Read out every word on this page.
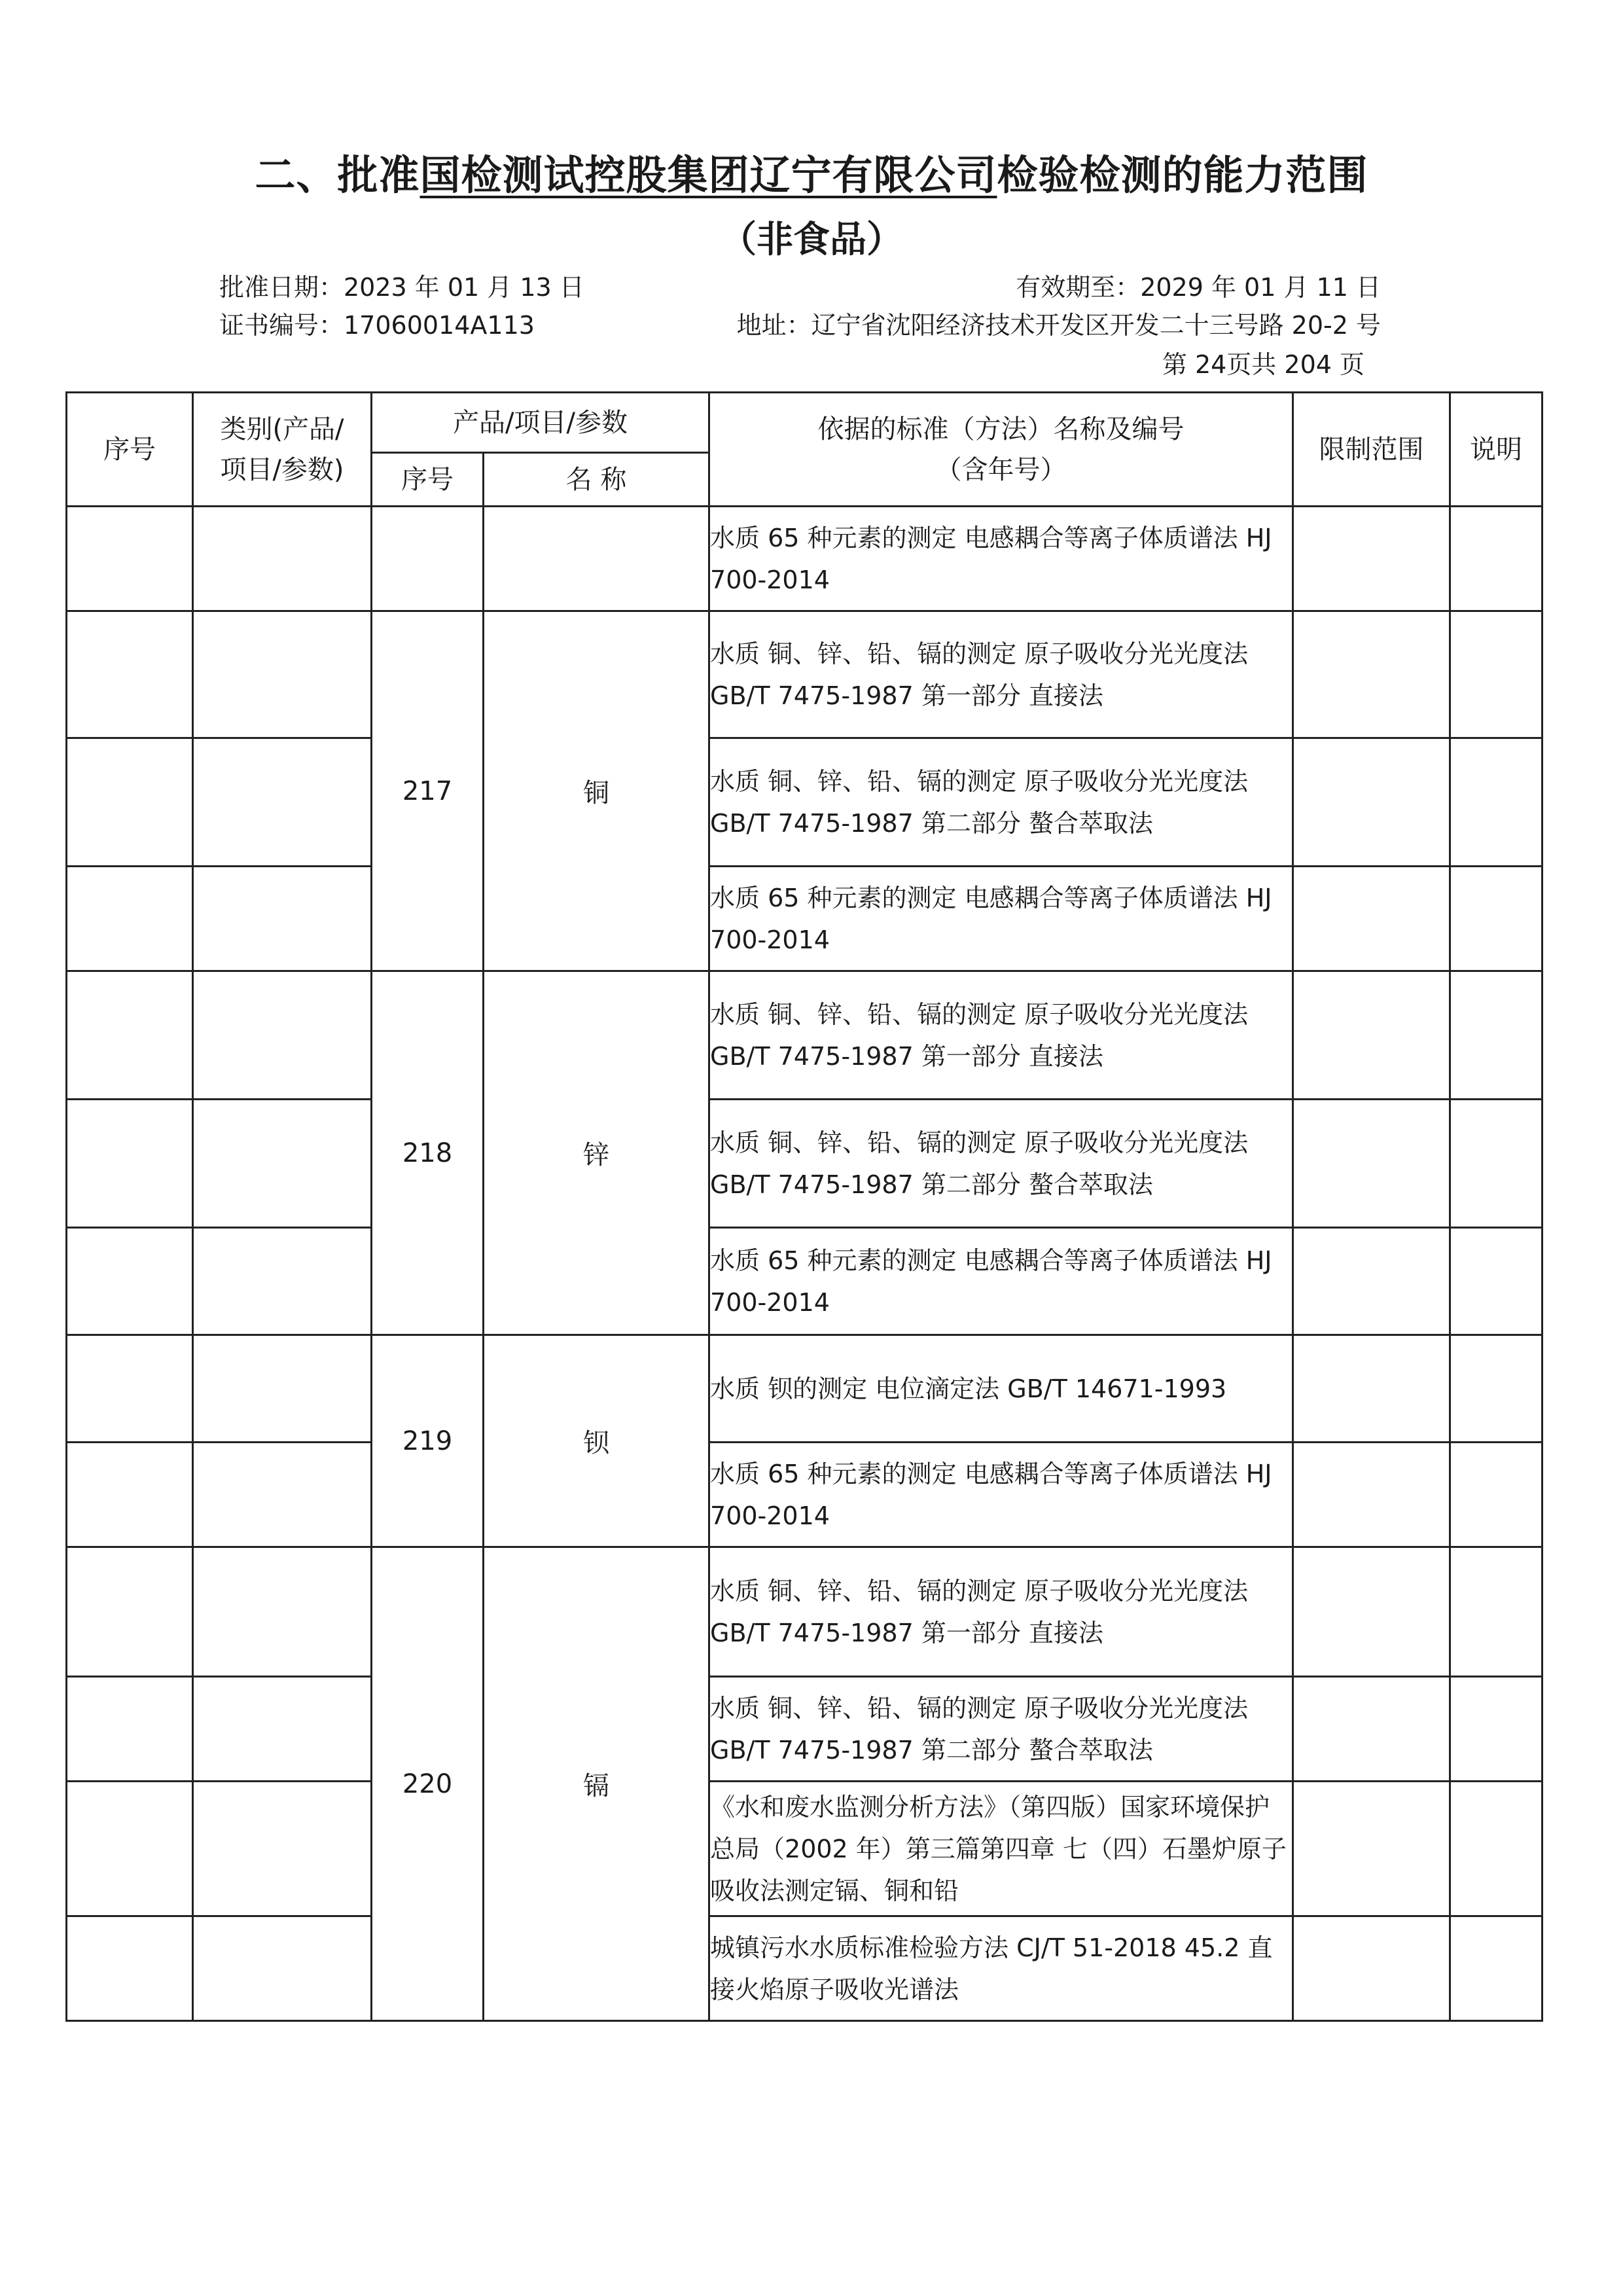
二、批准国检测试控股集团辽宁有限公司检验检测的能力范围
（非食品）
批准日期：2023 年 01 月 13 日	有效期至：2029 年 01 月 11 日
证书编号：17060014A113	地址：辽宁省沈阳经济技术开发区开发二十三号路 20-2 号
第 24页共 204 页
序号	类别(产品/项目/参数)	产品/项目/参数		依据的标准（方法）名称及编号（含年号）	限制范围	说明
		序号	名 称			
				水质 65 种元素的测定 电感耦合等离子体质谱法 HJ 700-2014		
		217	铜	水质 铜、锌、铅、镉的测定 原子吸收分光光度法 GB/T 7475-1987 第一部分 直接法		
				水质 铜、锌、铅、镉的测定 原子吸收分光光度法 GB/T 7475-1987 第二部分 螯合萃取法		
				水质 65 种元素的测定 电感耦合等离子体质谱法 HJ 700-2014		
		218	锌	水质 铜、锌、铅、镉的测定 原子吸收分光光度法 GB/T 7475-1987 第一部分 直接法		
				水质 铜、锌、铅、镉的测定 原子吸收分光光度法 GB/T 7475-1987 第二部分 螯合萃取法		
				水质 65 种元素的测定 电感耦合等离子体质谱法 HJ 700-2014		
		219	钡	水质 钡的测定 电位滴定法 GB/T 14671-1993		
				水质 65 种元素的测定 电感耦合等离子体质谱法 HJ 700-2014		
		220	镉	水质 铜、锌、铅、镉的测定 原子吸收分光光度法 GB/T 7475-1987 第一部分 直接法		
				水质 铜、锌、铅、镉的测定 原子吸收分光光度法 GB/T 7475-1987 第二部分 螯合萃取法		
				《水和废水监测分析方法》（第四版）国家环境保护总局（2002 年）第三篇第四章 七（四）石墨炉原子吸收法测定镉、铜和铅		
				城镇污水水质标准检验方法 CJ/T 51-2018 45.2 直接火焰原子吸收光谱法		
